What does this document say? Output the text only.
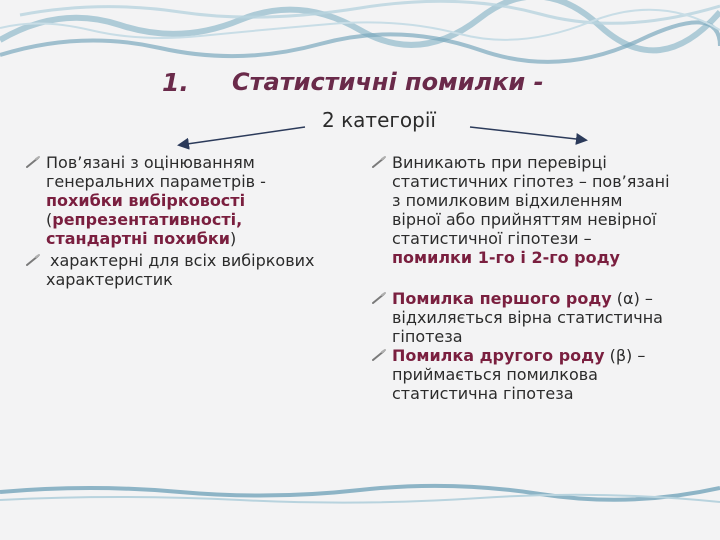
1. Статистичні помилки -
2 категорії
Пов’язані з оцінюванням
генеральних параметрів -
похибки вибірковості
(репрезентативності,
стандартні похибки)
характерні для всіх вибіркових
характеристик
Виникають при перевірці
статистичних гіпотез – пов’язані
з помилковим відхиленням
вірної або прийняттям невірної
статистичної гіпотези –
помилки 1-го і 2-го роду
Помилка першого роду (α) –
відхиляється вірна статистична
гіпотеза
Помилка другого роду (β) –
приймається помилкова
статистична гіпотеза
